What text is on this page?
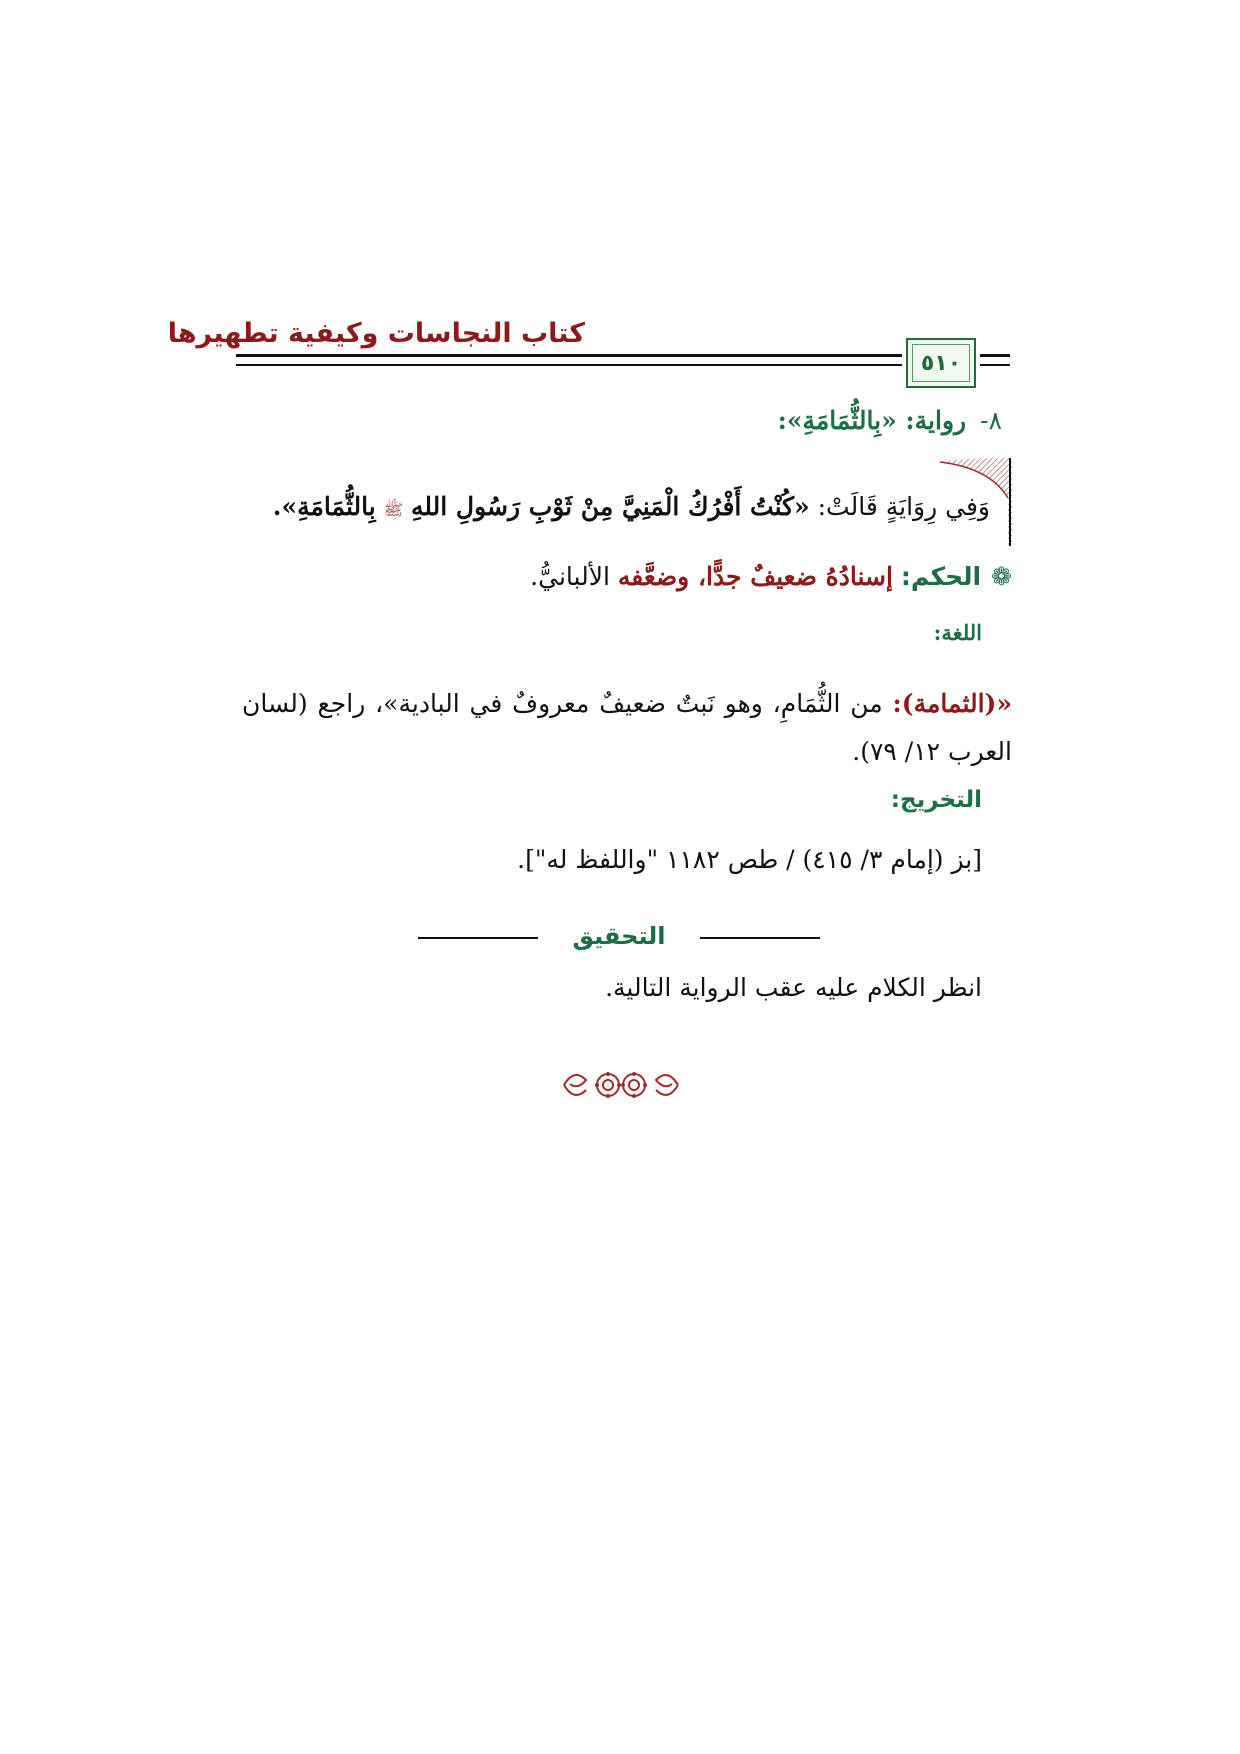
كتاب النجاسات وكيفية تطهيرها
٥١٠
٨-رواية: «بِالثُّمَامَةِ»:
وَفِي رِوَايَةٍ قَالَتْ: «كُنْتُ أَفْرُكُ الْمَنِيَّ مِنْ ثَوْبِ رَسُولِ اللهِ ﷺ بِالثُّمَامَةِ».
❁الحكم: إسنادُهُ ضعيفٌ جدًّا، وضعَّفه الألبانيُّ.
اللغة:
«(الثمامة): من الثُّمَامِ، وهو نَبتٌ ضعيفٌ معروفٌ في البادية»، راجع (لسان العرب ١٢/ ٧٩).
التخريج:
[بز (إمام ٣/ ٤١٥) / طص ١١٨٢ "واللفظ له"].
التحقيق
انظر الكلام عليه عقب الرواية التالية.
